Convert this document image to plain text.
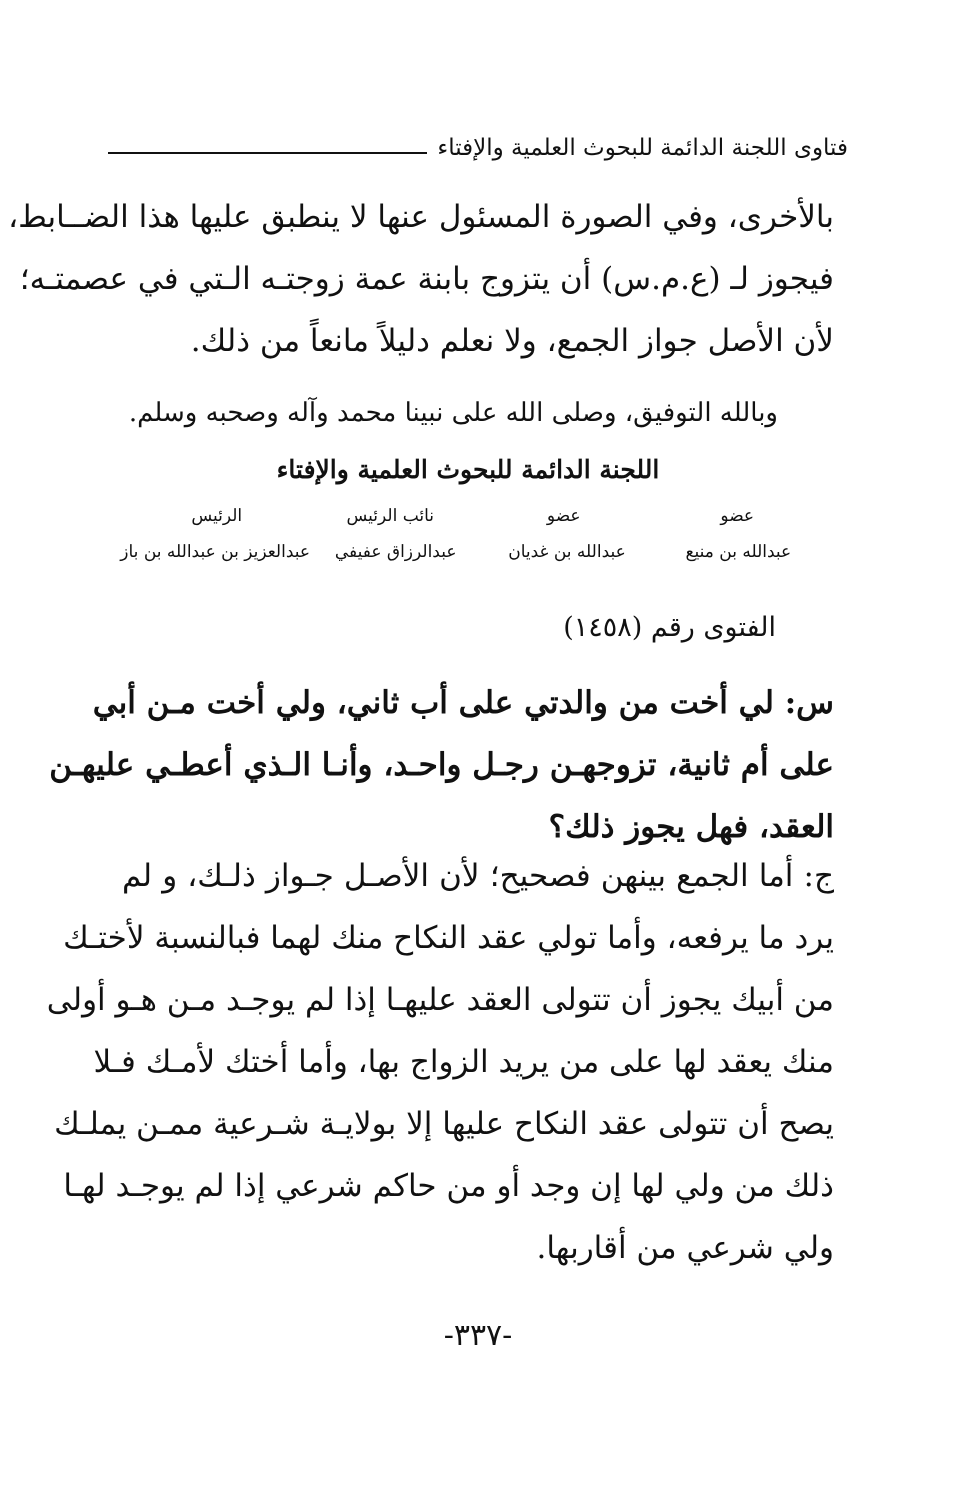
فتاوى اللجنة الدائمة للبحوث العلمية والإفتاء
بالأخرى، وفي الصورة المسئول عنها لا ينطبق عليها هذا الضــابط،
فيجوز لـ (ع.م.س) أن يتزوج بابنة عمة زوجتـه الـتي في عصمتـه؛
لأن الأصل جواز الجمع، ولا نعلم دليلاً مانعاً من ذلك.
وبالله التوفيق، وصلى الله على نبينا محمد وآله وصحبه وسلم.
اللجنة الدائمة للبحوث العلمية والإفتاء
عضو
عضو
نائب الرئيس
الرئيس
عبدالله بن منيع
عبدالله بن غديان
عبدالرزاق عفيفي
عبدالعزيز بن عبدالله بن باز
الفتوى رقم (١٤٥٨)
س: لي أخت من والدتي على أب ثاني، ولي أخت مـن أبي
على أم ثانية، تزوجهـن رجـل واحـد، وأنـا الـذي أعطـي عليهـن
العقد، فهل يجوز ذلك؟
ج: أما الجمع بينهن فصحيح؛ لأن الأصـل جـواز ذلـك، و لم
يرد ما يرفعه، وأما تولي عقد النكاح منك لهما فبالنسبة لأختـك
من أبيك يجوز أن تتولى العقد عليهـا إذا لم يوجـد مـن هـو أولى
منك يعقد لها على من يريد الزواج بها، وأما أختك لأمـك فـلا
يصح أن تتولى عقد النكاح عليها إلا بولايـة شـرعية ممـن يملـك
ذلك من ولي لها إن وجد أو من حاكم شرعي إذا لم يوجـد لهـا
ولي شرعي من أقاربها.
-٣٣٧-
